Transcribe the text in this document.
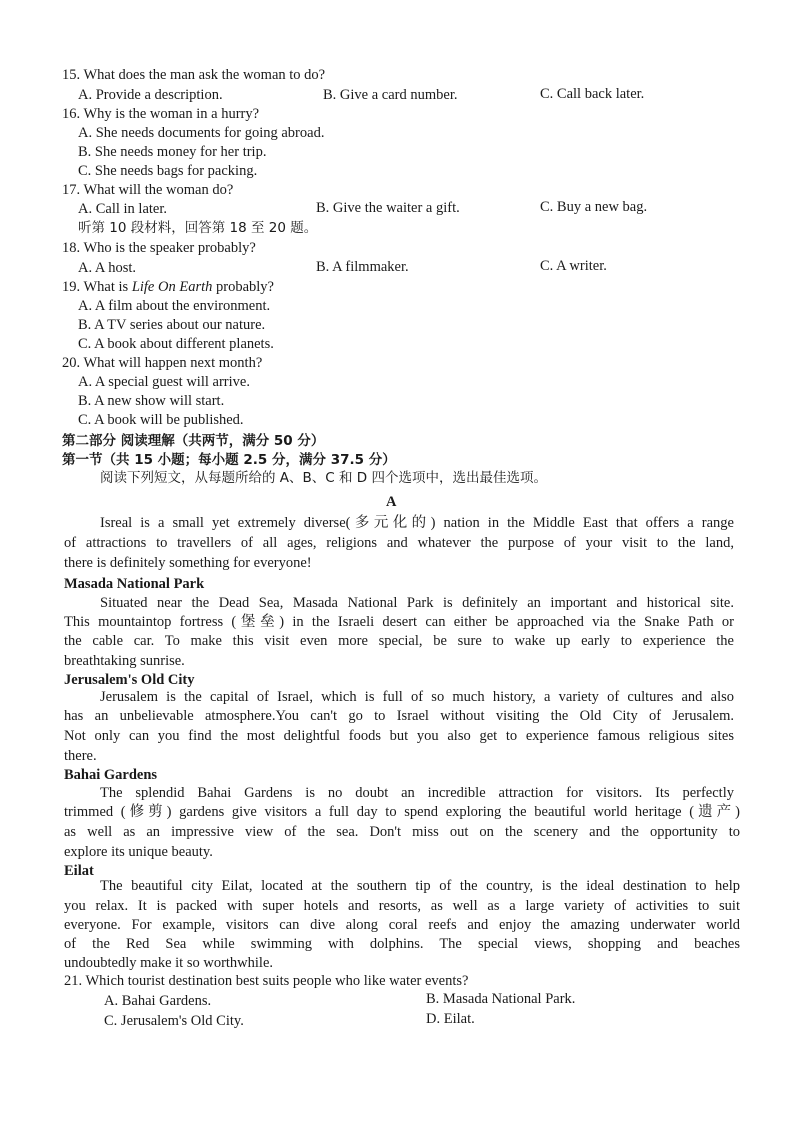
15. What does the man ask the woman to do?
A. Provide a description.	B. Give a card number.	C. Call back later.
16. Why is the woman in a hurry?
A. She needs documents for going abroad.
B. She needs money for her trip.
C. She needs bags for packing.
17. What will the woman do?
A. Call in later.	B. Give the waiter a gift.	C. Buy a new bag.
听第 10 段材料，回答第 18 至 20 题。
18. Who is the speaker probably?
A. A host.	B. A filmmaker.	C. A writer.
19. What is Life On Earth probably?
A. A film about the environment.
B. A TV series about our nature.
C. A book about different planets.
20. What will happen next month?
A. A special guest will arrive.
B. A new show will start.
C. A book will be published.
第二部分 阅读理解（共两节，满分 50 分）
第一节（共 15 小题；每小题 2.5 分，满分 37.5 分）
阅读下列短文，从每题所给的 A、B、C 和 D 四个选项中，选出最佳选项。
A
Isreal is a small yet extremely diverse(多元化的) nation in the Middle East that offers a range
of attractions to travellers of all ages, religions and whatever the purpose of your visit to the land,
there is definitely something for everyone!
Masada National Park
Situated near the Dead Sea, Masada National Park is definitely an important and historical site.
This mountaintop fortress (堡垒) in the Israeli desert can either be approached via the Snake Path or
the cable car. To make this visit even more special, be sure to wake up early to experience the
breathtaking sunrise.
Jerusalem's Old City
Jerusalem is the capital of Israel, which is full of so much history, a variety of cultures and also
has an unbelievable atmosphere.You can't go to Israel without visiting the Old City of Jerusalem.
Not only can you find the most delightful foods but you also get to experience famous religious sites
there.
Bahai Gardens
The splendid Bahai Gardens is no doubt an incredible attraction for visitors. Its perfectly
trimmed (修剪) gardens give visitors a full day to spend exploring the beautiful world heritage (遗产)
as well as an impressive view of the sea. Don't miss out on the scenery and the opportunity to
explore its unique beauty.
Eilat
The beautiful city Eilat, located at the southern tip of the country, is the ideal destination to help
you relax. It is packed with super hotels and resorts, as well as a large variety of activities to suit
everyone. For example, visitors can dive along coral reefs and enjoy the amazing underwater world
of the Red Sea while swimming with dolphins. The special views, shopping and beaches
undoubtedly make it so worthwhile.
21. Which tourist destination best suits people who like water events?
A. Bahai Gardens.	B. Masada National Park.
C. Jerusalem's Old City.	D. Eilat.
